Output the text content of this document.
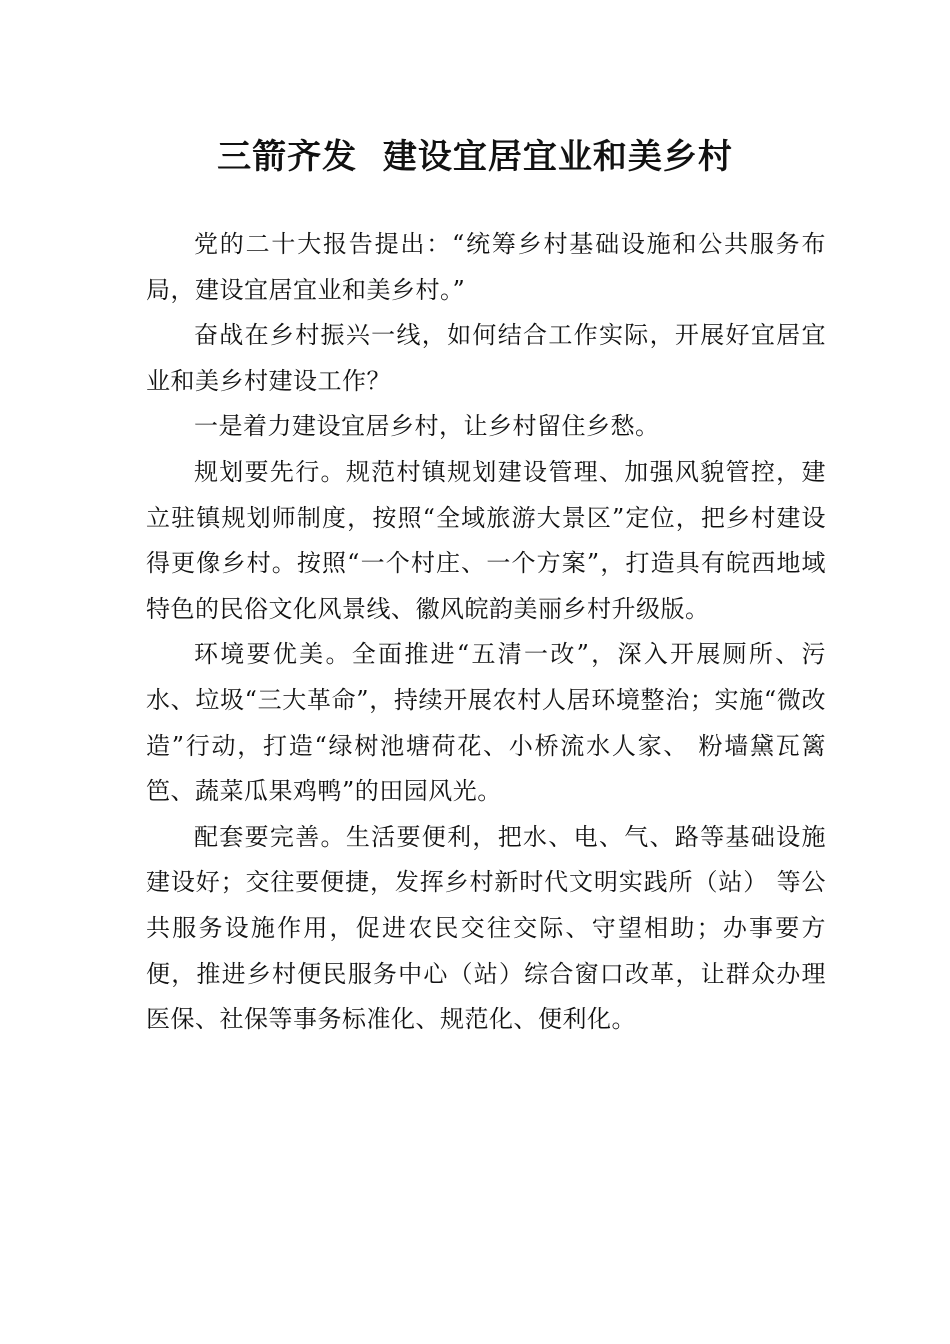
三箭齐发  建设宜居宜业和美乡村

党的二十大报告提出：“统筹乡村基础设施和公共服务布局，建设宜居宜业和美乡村。”

奋战在乡村振兴一线，如何结合工作实际，开展好宜居宜业和美乡村建设工作？

一是着力建设宜居乡村，让乡村留住乡愁。

规划要先行。规范村镇规划建设管理、加强风貌管控，建立驻镇规划师制度，按照“全域旅游大景区”定位，把乡村建设得更像乡村。按照“一个村庄、一个方案”，打造具有皖西地域特色的民俗文化风景线、徽风皖韵美丽乡村升级版。

环境要优美。全面推进“五清一改”，深入开展厕所、污水、垃圾“三大革命”，持续开展农村人居环境整治；实施“微改造”行动，打造“绿树池塘荷花、小桥流水人家、 粉墙黛瓦篱笆、蔬菜瓜果鸡鸭”的田园风光。

配套要完善。生活要便利，把水、电、气、路等基础设施建设好；交往要便捷，发挥乡村新时代文明实践所（站） 等公共服务设施作用，促进农民交往交际、守望相助；办事要方便，推进乡村便民服务中心（站）综合窗口改革，让群众办理医保、社保等事务标准化、规范化、便利化。
